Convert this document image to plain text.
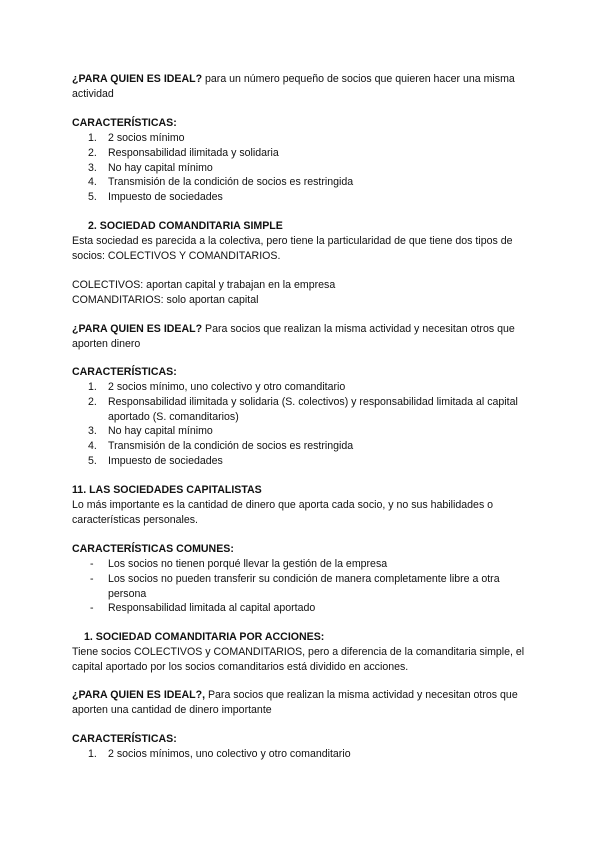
¿PARA QUIEN ES IDEAL? para un número pequeño de socios que quieren hacer una misma actividad

CARACTERÍSTICAS:

1. 2 socios mínimo
2. Responsabilidad ilimitada y solidaria
3. No hay capital mínimo
4. Transmisión de la condición de socios es restringida
5. Impuesto de sociedades
2. SOCIEDAD COMANDITARIA SIMPLE

Esta sociedad es parecida a la colectiva, pero tiene la particularidad de que tiene dos tipos de socios: COLECTIVOS Y COMANDITARIOS.

COLECTIVOS: aportan capital y trabajan en la empresa

COMANDITARIOS: solo aportan capital

¿PARA QUIEN ES IDEAL? Para socios que realizan la misma actividad y necesitan otros que aporten dinero

CARACTERÍSTICAS:

1. 2 socios mínimo, uno colectivo y otro comanditario
2. Responsabilidad ilimitada y solidaria (S. colectivos) y responsabilidad limitada al capital aportado (S. comanditarios)
3. No hay capital mínimo
4. Transmisión de la condición de socios es restringida
5. Impuesto de sociedades

11. LAS SOCIEDADES CAPITALISTAS

Lo más importante es la cantidad de dinero que aporta cada socio, y no sus habilidades o características personales.

CARACTERÍSTICAS COMUNES:

- Los socios no tienen porqué llevar la gestión de la empresa
- Los socios no pueden transferir su condición de manera completamente libre a otra persona
- Responsabilidad limitada al capital aportado
1. SOCIEDAD COMANDITARIA POR ACCIONES:

Tiene socios COLECTIVOS y COMANDITARIOS, pero a diferencia de la comanditaria simple, el capital aportado por los socios comanditarios está dividido en acciones.

¿PARA QUIEN ES IDEAL?, Para socios que realizan la misma actividad y necesitan otros que aporten una cantidad de dinero importante

CARACTERÍSTICAS:

1. 2 socios mínimos, uno colectivo y otro comanditario
